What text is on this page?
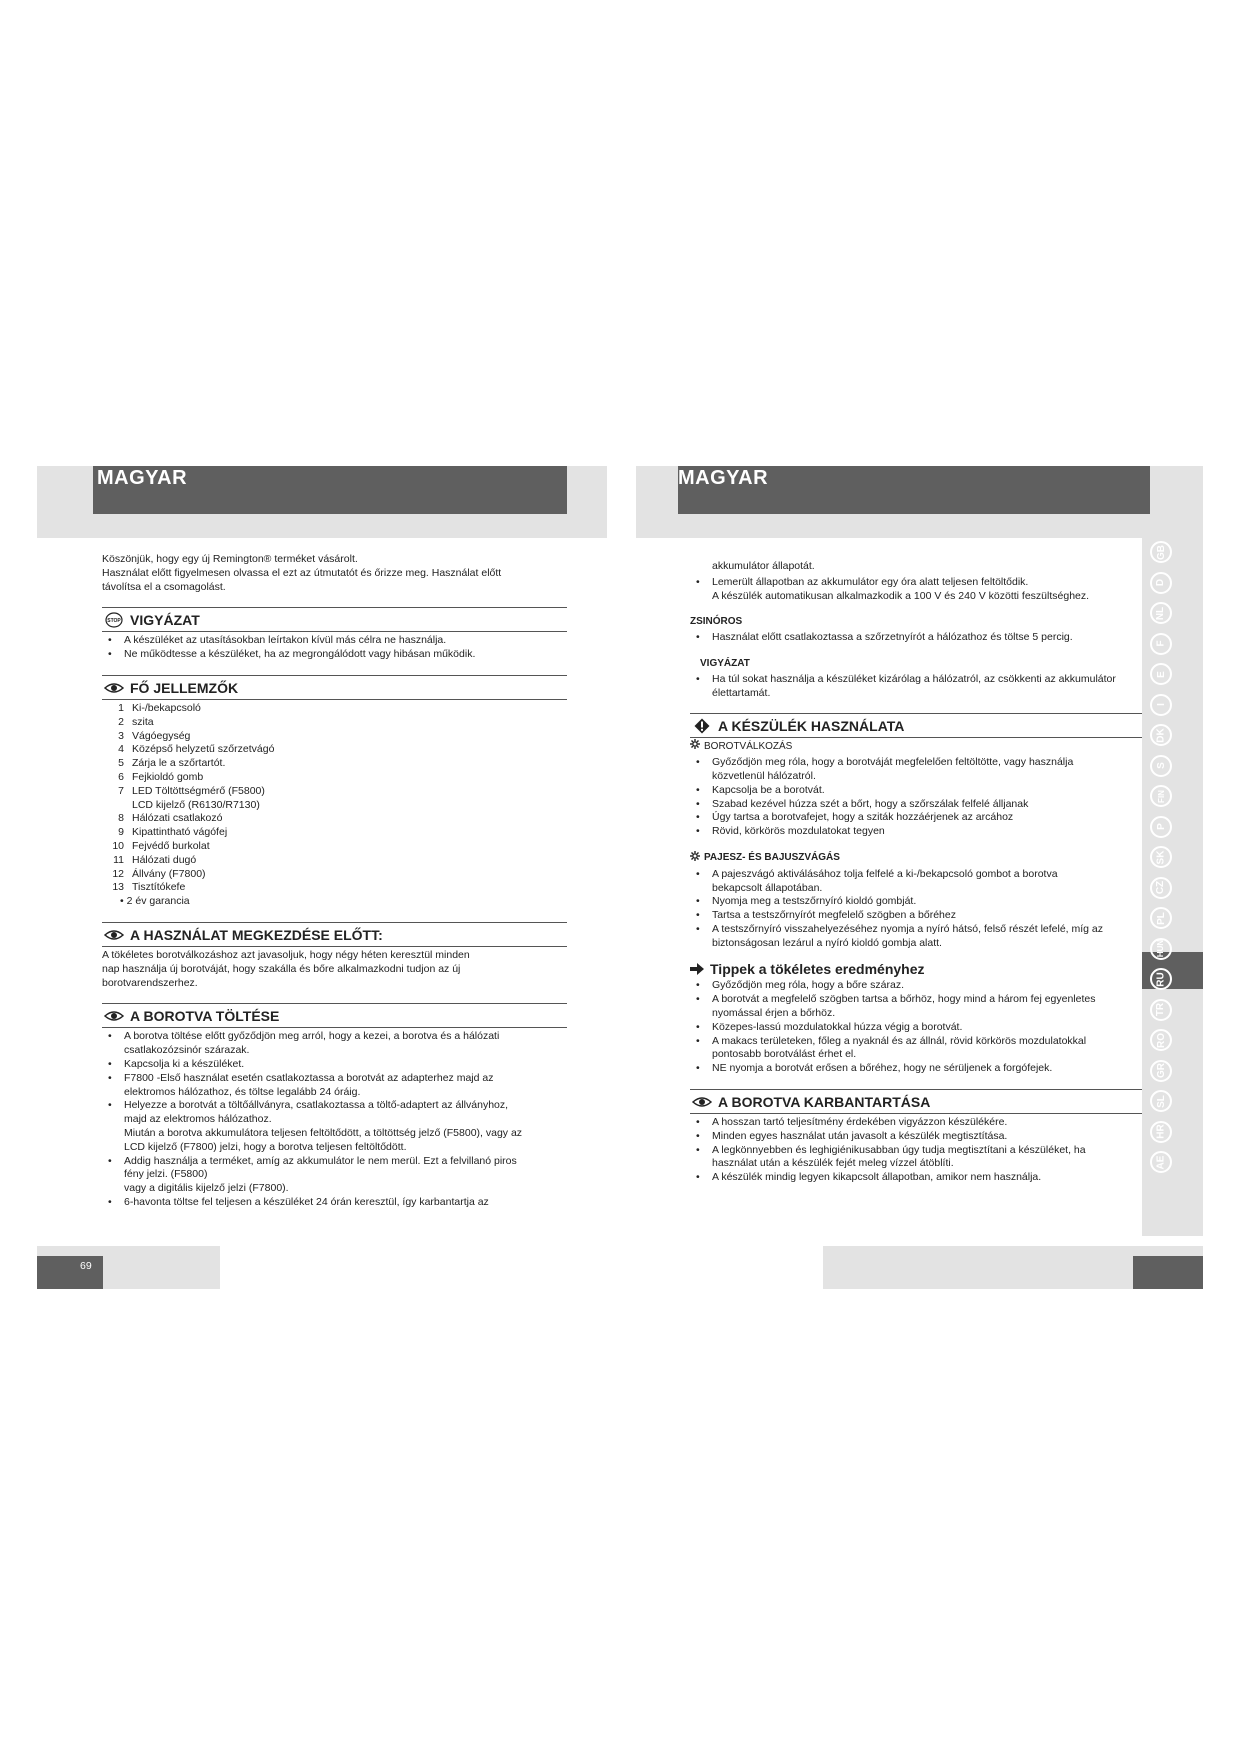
MAGYAR	MAGYAR

Köszönjük, hogy egy új Remington® terméket vásárolt.

Használat előtt figyelmesen olvassa el ezt az útmutatót és őrizze meg. Használat előtt

távolítsa el a csomagolást.

STOP VIGYÁZAT
• A készüléket az utasításokban leírtakon kívül más célra ne használja.
• Ne működtesse a készüléket, ha az megrongálódott vagy hibásan működik.
FŐ JELLEMZŐK
1 Ki-/bekapcsoló
2 szita
3 Vágóegység
4 Középső helyzetű szőrzetvágó
5 Zárja le a szőrtartót.
6 Fejkioldó gomb
7 LED Töltöttségmérő (F5800)
LCD kijelző (R6130/R7130)
8 Hálózati csatlakozó
9 Kipattintható vágófej
10 Fejvédő burkolat
11 Hálózati dugó
12 Állvány (F7800)
13 Tisztítókefe
• 2 év garancia
A HASZNÁLAT MEGKEZDÉSE ELŐTT:
A tökéletes borotválkozáshoz azt javasoljuk, hogy négy héten keresztül minden
nap használja új borotváját, hogy szakálla és bőre alkalmazkodni tudjon az új
borotvarendszerhez.
A BOROTVA TÖLTÉSE
• A borotva töltése előtt győződjön meg arról, hogy a kezei, a borotva és a hálózati
csatlakozózsinór szárazak.
• Kapcsolja ki a készüléket.
• F7800 -Első használat esetén csatlakoztassa a borotvát az adapterhez majd az
elektromos hálózathoz, és töltse legalább 24 óráig.
• Helyezze a borotvát a töltőállványra, csatlakoztassa a töltő-adaptert az állványhoz,
majd az elektromos hálózathoz.
Miután a borotva akkumulátora teljesen feltöltődött, a töltöttség jelző (F5800), vagy az
LCD kijelző (F7800) jelzi, hogy a borotva teljesen feltöltődött.
• Addig használja a terméket, amíg az akkumulátor le nem merül. Ezt a felvillanó piros
fény jelzi. (F5800)
vagy a digitális kijelző jelzi (F7800).
• 6-havonta töltse fel teljesen a készüléket 24 órán keresztül, így karbantartja az
akkumulátor állapotát.
• Lemerült állapotban az akkumulátor egy óra alatt teljesen feltöltődik.
A készülék automatikusan alkalmazkodik a 100 V és 240 V közötti feszültséghez.
ZSINÓROS
• Használat előtt csatlakoztassa a szőrzetnyírót a hálózathoz és töltse 5 percig.
VIGYÁZAT
• Ha túl sokat használja a készüléket kizárólag a hálózatról, az csökkenti az akkumulátor
élettartamát.
A KÉSZÜLÉK HASZNÁLATA
BOROTVÁLKOZÁS
• Győződjön meg róla, hogy a borotváját megfelelően feltöltötte, vagy használja
közvetlenül hálózatról.
• Kapcsolja be a borotvát.
• Szabad kezével húzza szét a bőrt, hogy a szőrszálak felfelé álljanak
• Úgy tartsa a borotvafejet, hogy a sziták hozzáérjenek az arcához
• Rövid, körkörös mozdulatokat tegyen
PAJESZ- ÉS BAJUSZVÁGÁS
• A pajeszvágó aktiválásához tolja felfelé a ki-/bekapcsoló gombot a borotva
bekapcsolt állapotában.
• Nyomja meg a testszőrnyíró kioldó gombját.
• Tartsa a testszőrnyírót megfelelő szögben a bőréhez
• A testszőrnyíró visszahelyezéséhez nyomja a nyíró hátsó, felső részét lefelé, míg az
biztonságosan lezárul a nyíró kioldó gombja alatt.
Tippek a tökéletes eredményhez
• Győződjön meg róla, hogy a bőre száraz.
• A borotvát a megfelelő szögben tartsa a bőrhöz, hogy mind a három fej egyenletes
nyomással érjen a bőrhöz.
• Közepes-lassú mozdulatokkal húzza végig a borotvát.
• A makacs területeken, főleg a nyaknál és az állnál, rövid körkörös mozdulatokkal
pontosabb borotválást érhet el.
• NE nyomja a borotvát erősen a bőréhez, hogy ne sérüljenek a forgófejek.
A BOROTVA KARBANTARTÁSA
• A hosszan tartó teljesítmény érdekében vigyázzon készülékére.
• Minden egyes használat után javasolt a készülék megtisztítása.
• A legkönnyebben és leghigiénikusabban úgy tudja megtisztítani a készüléket, ha
használat után a készülék fejét meleg vízzel átöblíti.
• A készülék mindig legyen kikapcsolt állapotban, amikor nem használja.
GB
D
NL
F
E
I
DK
S
FIN
P
SK
CZ
PL
HUN
RU
TR
RO
GR
SL
HR
AE
69
